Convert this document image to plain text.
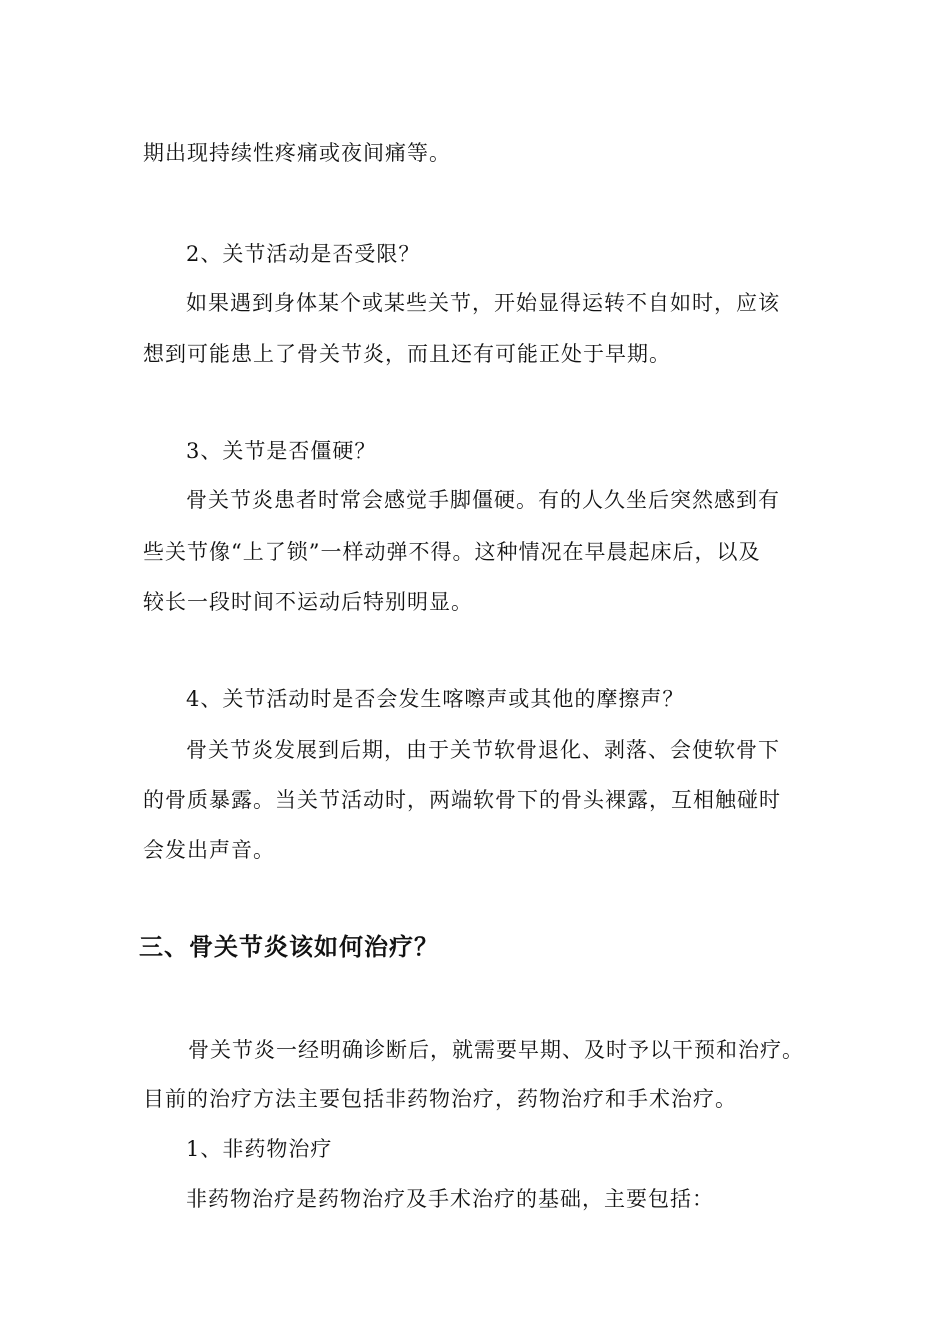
期出现持续性疼痛或夜间痛等。
2、关节活动是否受限？
如果遇到身体某个或某些关节，开始显得运转不自如时，应该
想到可能患上了骨关节炎，而且还有可能正处于早期。
3、关节是否僵硬？
骨关节炎患者时常会感觉手脚僵硬。有的人久坐后突然感到有
些关节像“上了锁”一样动弹不得。这种情况在早晨起床后，以及
较长一段时间不运动后特别明显。
4、关节活动时是否会发生喀嚓声或其他的摩擦声？
骨关节炎发展到后期，由于关节软骨退化、剥落、会使软骨下
的骨质暴露。当关节活动时，两端软骨下的骨头裸露，互相触碰时
会发出声音。
三、骨关节炎该如何治疗？
骨关节炎一经明确诊断后，就需要早期、及时予以干预和治疗。
目前的治疗方法主要包括非药物治疗，药物治疗和手术治疗。
1、非药物治疗
非药物治疗是药物治疗及手术治疗的基础，主要包括：
